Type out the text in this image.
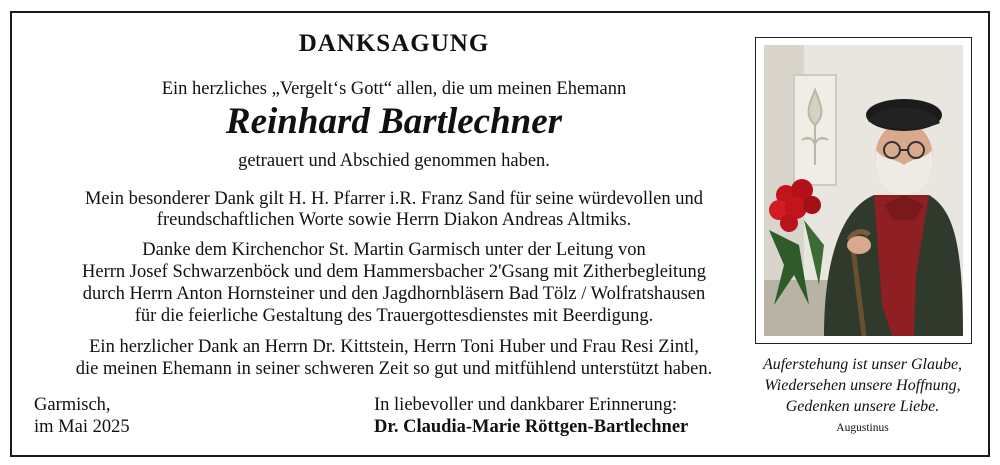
DANKSAGUNG
Ein herzliches „Vergelt‘s Gott“ allen, die um meinen Ehemann
Reinhard Bartlechner
getrauert und Abschied genommen haben.
Mein besonderer Dank gilt H. H. Pfarrer i.R. Franz Sand für seine würdevollen und
freundschaftlichen Worte sowie Herrn Diakon Andreas Altmiks.
Danke dem Kirchenchor St. Martin Garmisch unter der Leitung von
Herrn Josef Schwarzenböck und dem Hammersbacher 2'Gsang mit Zitherbegleitung
durch Herrn Anton Hornsteiner und den Jagdhornbläsern Bad Tölz / Wolfratshausen
für die feierliche Gestaltung des Trauergottesdienstes mit Beerdigung.
Ein herzlicher Dank an Herrn Dr. Kittstein, Herrn Toni Huber und Frau Resi Zintl,
die meinen Ehemann in seiner schweren Zeit so gut und mitfühlend unterstützt haben.
Garmisch,
im Mai 2025
In liebevoller und dankbarer Erinnerung:
Dr. Claudia-Marie Röttgen-Bartlechner
Auferstehung ist unser Glaube,
Wiedersehen unsere Hoffnung,
Gedenken unsere Liebe.
Augustinus
